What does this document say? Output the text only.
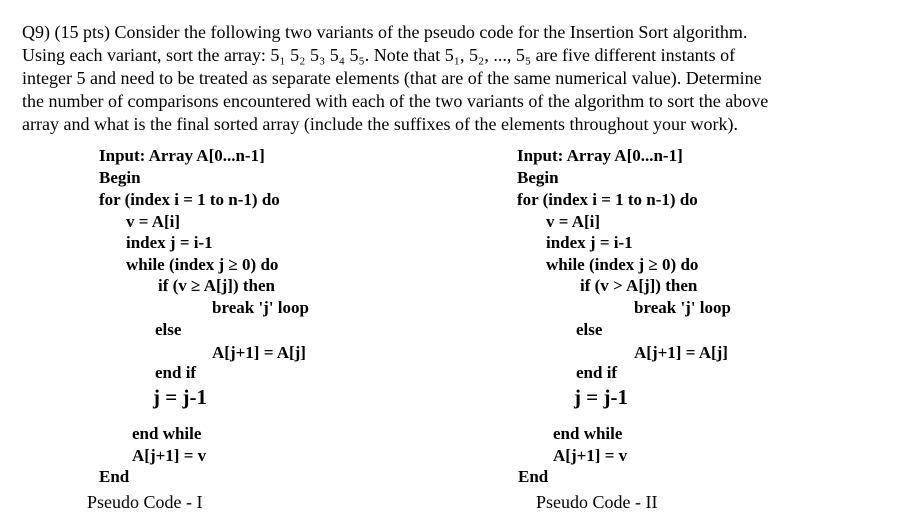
Q9) (15 pts) Consider the following two variants of the pseudo code for the Insertion Sort algorithm.
Using each variant, sort the array: 5₁ 5₂ 5₃ 5₄ 5₅. Note that 5₁, 5₂, ..., 5₅ are five different instants of
integer 5 and need to be treated as separate elements (that are of the same numerical value). Determine
the number of comparisons encountered with each of the two variants of the algorithm to sort the above
array and what is the final sorted array (include the suffixes of the elements throughout your work).
Input: Array A[0...n-1]
Begin
for (index i = 1 to n-1) do
v = A[i]
index j = i-1
while (index j ≥ 0) do
if (v ≥ A[j]) then
break 'j' loop
else
A[j+1] = A[j]
end if
j = j-1
end while
A[j+1] = v
End
Pseudo Code - I
Input: Array A[0...n-1]
Begin
for (index i = 1 to n-1) do
v = A[i]
index j = i-1
while (index j ≥ 0) do
if (v > A[j]) then
break 'j' loop
else
A[j+1] = A[j]
end if
j = j-1
end while
A[j+1] = v
End
Pseudo Code - II
